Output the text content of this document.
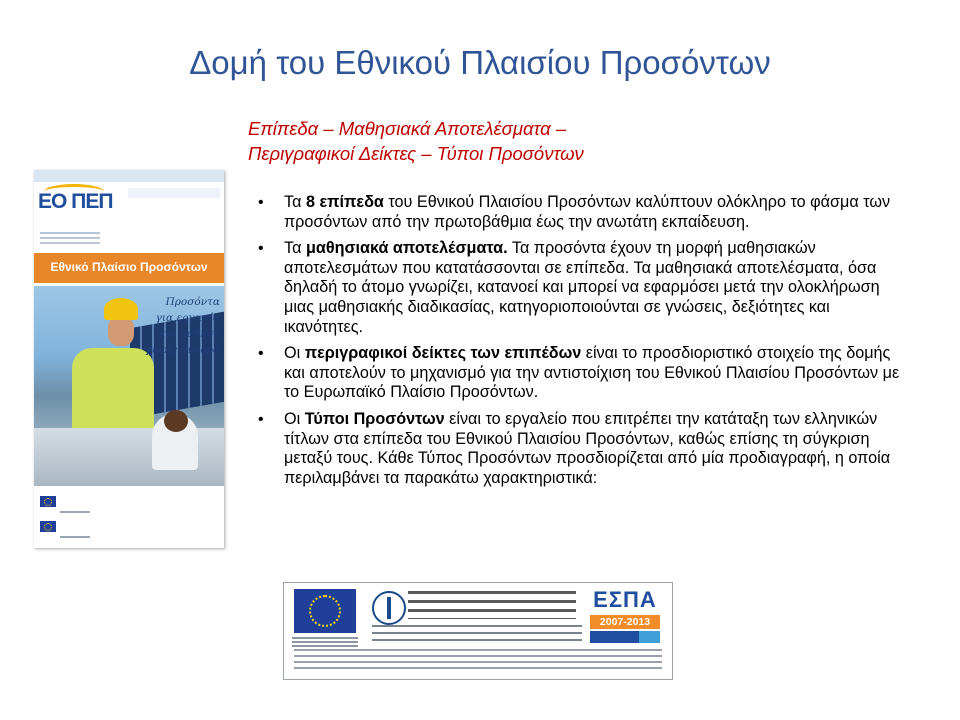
Δομή του Εθνικού Πλαισίου Προσόντων
Επίπεδα – Μαθησιακά Αποτελέσματα –
Περιγραφικοί Δείκτες – Τύποι Προσόντων
• Τα 8 επίπεδα του Εθνικού Πλαισίου Προσόντων καλύπτουν ολόκληρο το φάσμα των προσόντων από την πρωτοβάθμια έως την ανωτάτη εκπαίδευση.
• Τα μαθησιακά αποτελέσματα. Τα προσόντα έχουν τη μορφή μαθησιακών αποτελεσμάτων που κατατάσσονται σε επίπεδα. Τα μαθησιακά αποτελέσματα, όσα δηλαδή το άτομο γνωρίζει, κατανοεί και μπορεί να εφαρμόσει μετά την ολοκλήρωση μιας μαθησιακής διαδικασίας, κατηγοριοποιούνται σε γνώσεις, δεξιότητες και ικανότητες.
• Οι περιγραφικοί δείκτες των επιπέδων είναι το προσδιοριστικό στοιχείο της δομής και αποτελούν το μηχανισμό για την αντιστοίχιση του Εθνικού Πλαισίου Προσόντων με το Ευρωπαϊκό Πλαίσιο Προσόντων.
• Οι Τύποι Προσόντων είναι το εργαλείο που επιτρέπει την κατάταξη των ελληνικών τίτλων στα επίπεδα του Εθνικού Πλαισίου Προσόντων, καθώς επίσης τη σύγκριση μεταξύ τους. Κάθε Τύπος Προσόντων προσδιορίζεται από μία προδιαγραφή, η οποία περιλαμβάνει τα παρακάτω χαρακτηριστικά:
ΕΟ ΠΕΠ
Εθνικό Πλαίσιο Προσόντων
Προσόντα
για εργασία
και μάθηση
χωρίς σύνορα
ΕΣΠΑ
2007-2013
